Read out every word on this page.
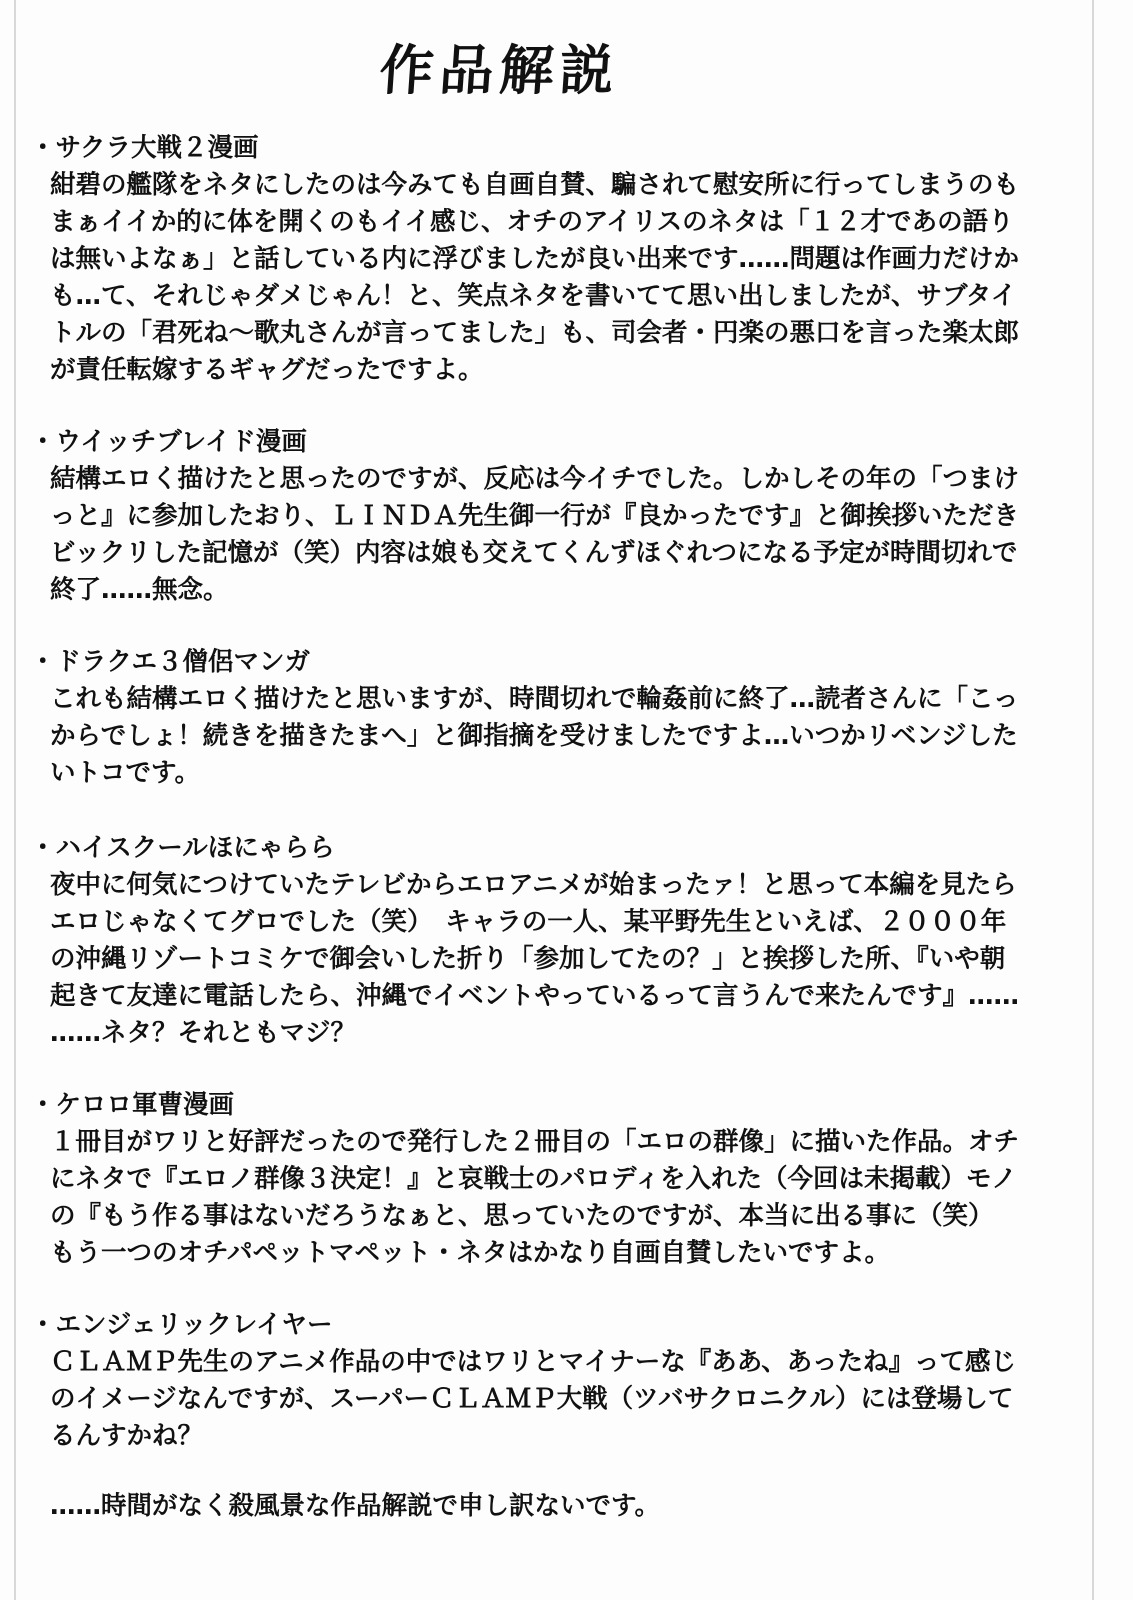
作品解説
・サクラ大戦２漫画
紺碧の艦隊をネタにしたのは今みても自画自賛、騙されて慰安所に行ってしまうのも
まぁイイか的に体を開くのもイイ感じ、オチのアイリスのネタは「１２才であの語り
は無いよなぁ」と話している内に浮びましたが良い出来です……問題は作画力だけか
も…て、それじゃダメじゃん！と、笑点ネタを書いてて思い出しましたが、サブタイ
トルの「君死ね～歌丸さんが言ってました」も、司会者・円楽の悪口を言った楽太郎
が責任転嫁するギャグだったですよ。
・ウイッチブレイド漫画
結構エロく描けたと思ったのですが、反応は今イチでした。しかしその年の「つまけ
っと』に参加したおり、ＬＩＮＤＡ先生御一行が『良かったです』と御挨拶いただき
ビックリした記憶が（笑）内容は娘も交えてくんずほぐれつになる予定が時間切れで
終了……無念。
・ドラクエ３僧侶マンガ
これも結構エロく描けたと思いますが、時間切れで輪姦前に終了…読者さんに「こっ
からでしょ！続きを描きたまへ」と御指摘を受けましたですよ…いつかリベンジした
いトコです。
・ハイスクールほにゃらら
夜中に何気につけていたテレビからエロアニメが始まったァ！と思って本編を見たら
エロじゃなくてグロでした（笑）　キャラの一人、某平野先生といえば、２０００年
の沖縄リゾートコミケで御会いした折り「参加してたの？」と挨拶した所、『いや朝
起きて友達に電話したら、沖縄でイベントやっているって言うんで来たんです』……
……ネタ？それともマジ？
・ケロロ軍曹漫画
１冊目がワリと好評だったので発行した２冊目の「エロの群像」に描いた作品。オチ
にネタで『エロノ群像３決定！』と哀戦士のパロディを入れた（今回は未掲載）モノ
の『もう作る事はないだろうなぁと、思っていたのですが、本当に出る事に（笑）
もう一つのオチパペットマペット・ネタはかなり自画自賛したいですよ。
・エンジェリックレイヤー
ＣＬＡＭＰ先生のアニメ作品の中ではワリとマイナーな『ああ、あったね』って感じ
のイメージなんですが、スーパーＣＬＡＭＰ大戦（ツバサクロニクル）には登場して
るんすかね？
……時間がなく殺風景な作品解説で申し訳ないです。
